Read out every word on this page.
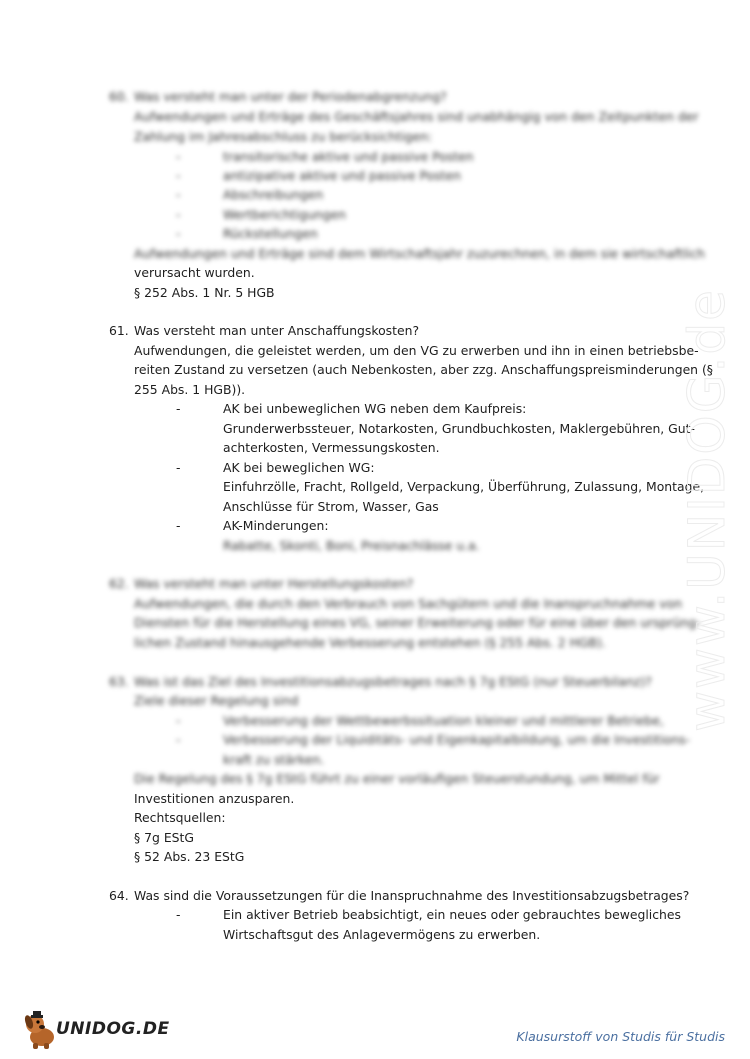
60. Was versteht man unter der Periodenabgrenzung?
Aufwendungen und Erträge des Geschäftsjahres sind unabhängig von den Zeitpunkten der
Zahlung im Jahresabschluss zu berücksichtigen:
-	transitorische aktive und passive Posten
-	antizipative aktive und passive Posten
-	Abschreibungen
-	Wertberichtigungen
-	Rückstellungen
Aufwendungen und Erträge sind dem Wirtschaftsjahr zuzurechnen, in dem sie wirtschaftlich
verursacht wurden.
§ 252 Abs. 1 Nr. 5 HGB
61. Was versteht man unter Anschaffungskosten?
Aufwendungen, die geleistet werden, um den VG zu erwerben und ihn in einen betriebsbe-
reiten Zustand zu versetzen (auch Nebenkosten, aber zzg. Anschaffungspreisminderungen (§
255 Abs. 1 HGB)).
-	AK bei unbeweglichen WG neben dem Kaufpreis:
Grunderwerbssteuer, Notarkosten, Grundbuchkosten, Maklergebühren, Gut-
achterkosten, Vermessungskosten.
-	AK bei beweglichen WG:
Einfuhrzölle, Fracht, Rollgeld, Verpackung, Überführung, Zulassung, Montage,
Anschlüsse für Strom, Wasser, Gas
-	AK-Minderungen:
Rabatte, Skonti, Boni, Preisnachlässe u.a.
62. Was versteht man unter Herstellungskosten?
Aufwendungen, die durch den Verbrauch von Sachgütern und die Inanspruchnahme von
Diensten für die Herstellung eines VG, seiner Erweiterung oder für eine über den ursprüng-
lichen Zustand hinausgehende Verbesserung entstehen (§ 255 Abs. 2 HGB).
63. Was ist das Ziel des Investitionsabzugsbetrages nach § 7g EStG (nur Steuerbilanz)?
Ziele dieser Regelung sind
-	Verbesserung der Wettbewerbssituation kleiner und mittlerer Betriebe,
-	Verbesserung der Liquiditäts- und Eigenkapitalbildung, um die Investitions-
kraft zu stärken.
Die Regelung des § 7g EStG führt zu einer vorläufigen Steuerstundung, um Mittel für
Investitionen anzusparen.
Rechtsquellen:
§ 7g EStG
§ 52 Abs. 23 EStG
64. Was sind die Voraussetzungen für die Inanspruchnahme des Investitionsabzugsbetrages?
-	Ein aktiver Betrieb beabsichtigt, ein neues oder gebrauchtes bewegliches
Wirtschaftsgut des Anlagevermögens zu erwerben.
www.UNIDOG.de
UNIDOG.DE	Klausurstoff von Studis für Studis
